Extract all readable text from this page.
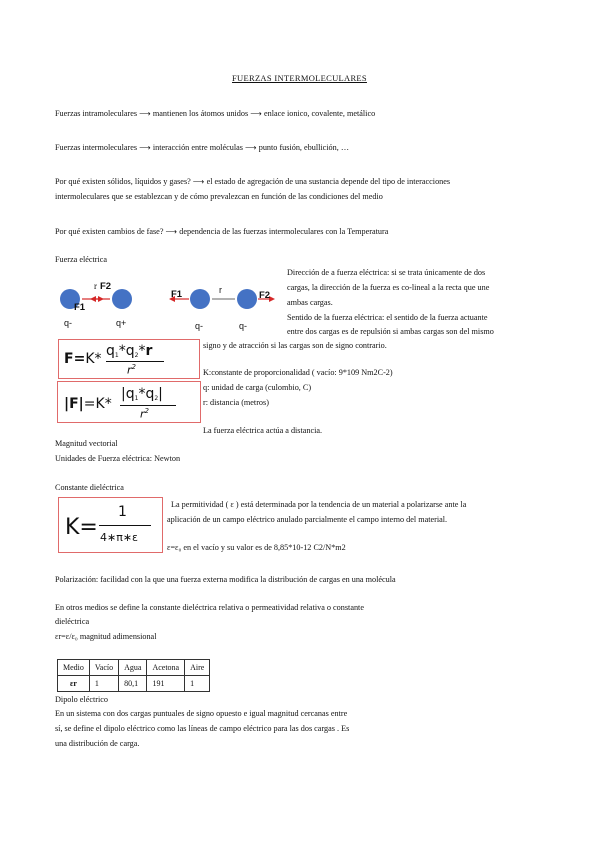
FUERZAS INTERMOLECULARES
Fuerzas intramoleculares ⟶ mantienen los átomos unidos ⟶ enlace ionico, covalente, metálico
Fuerzas intermoleculares ⟶ interacción entre moléculas ⟶ punto fusión, ebullición, …
Por qué existen sólidos, líquidos y gases? ⟶ el estado de agregación de una sustancia depende del tipo de interacciones
intermoleculares que se establezcan y de cómo prevalezcan en función de las condiciones del medio
Por qué existen cambios de fase? ⟶ dependencia de las fuerzas intermoleculares con la Temperatura
Fuerza eléctrica
r F2
F1
q-	q+
F1	r	F2
q-	q-
Dirección de a fuerza eléctrica: si se trata únicamente de dos
cargas, la dirección de la fuerza es co-lineal a la recta que une
ambas cargas.
Sentido de la fuerza eléctrica: el sentido de la fuerza actuante
entre dos cargas es de repulsión si ambas cargas son del mismo
signo y de atracción si las cargas son de signo contrario.
F=K* $q_1*q_2*r$
$r^2$
|F|=K*
$|q_1*q_2|$
$r^2$
K:constante de proporcionalidad ( vacío: 9*109 Nm2C-2)
q: unidad de carga (culombio, C)
r: distancia (metros)
La fuerza eléctrica actúa a distancia.
Magnitud vectorial
Unidades de Fuerza eléctrica: Newton
Constante dieléctrica
K=
1
4∗π∗ε
La permitividad ( ε ) está determinada por la tendencia de un material a polarizarse ante la
aplicación de un campo eléctrico anulado parcialmente el campo interno del material.
ε=ε₀ en el vacío y su valor es de 8,85*10-12 C2/N*m2
Polarización: facilidad con la que una fuerza externa modifica la distribución de cargas en una molécula
En otros medios se define la constante dieléctrica relativa o permeatividad relativa o constante
dieléctrica
εr=ε/ε₀ magnitud adimensional
Medio	Vacío	Agua	Acetona	Aire
εr	1	80,1	191	1
Dipolo eléctrico
En un sistema con dos cargas puntuales de signo opuesto e igual magnitud cercanas entre
sí, se define el dipolo eléctrico como las líneas de campo eléctrico para las dos cargas . Es
una distribución de carga.
